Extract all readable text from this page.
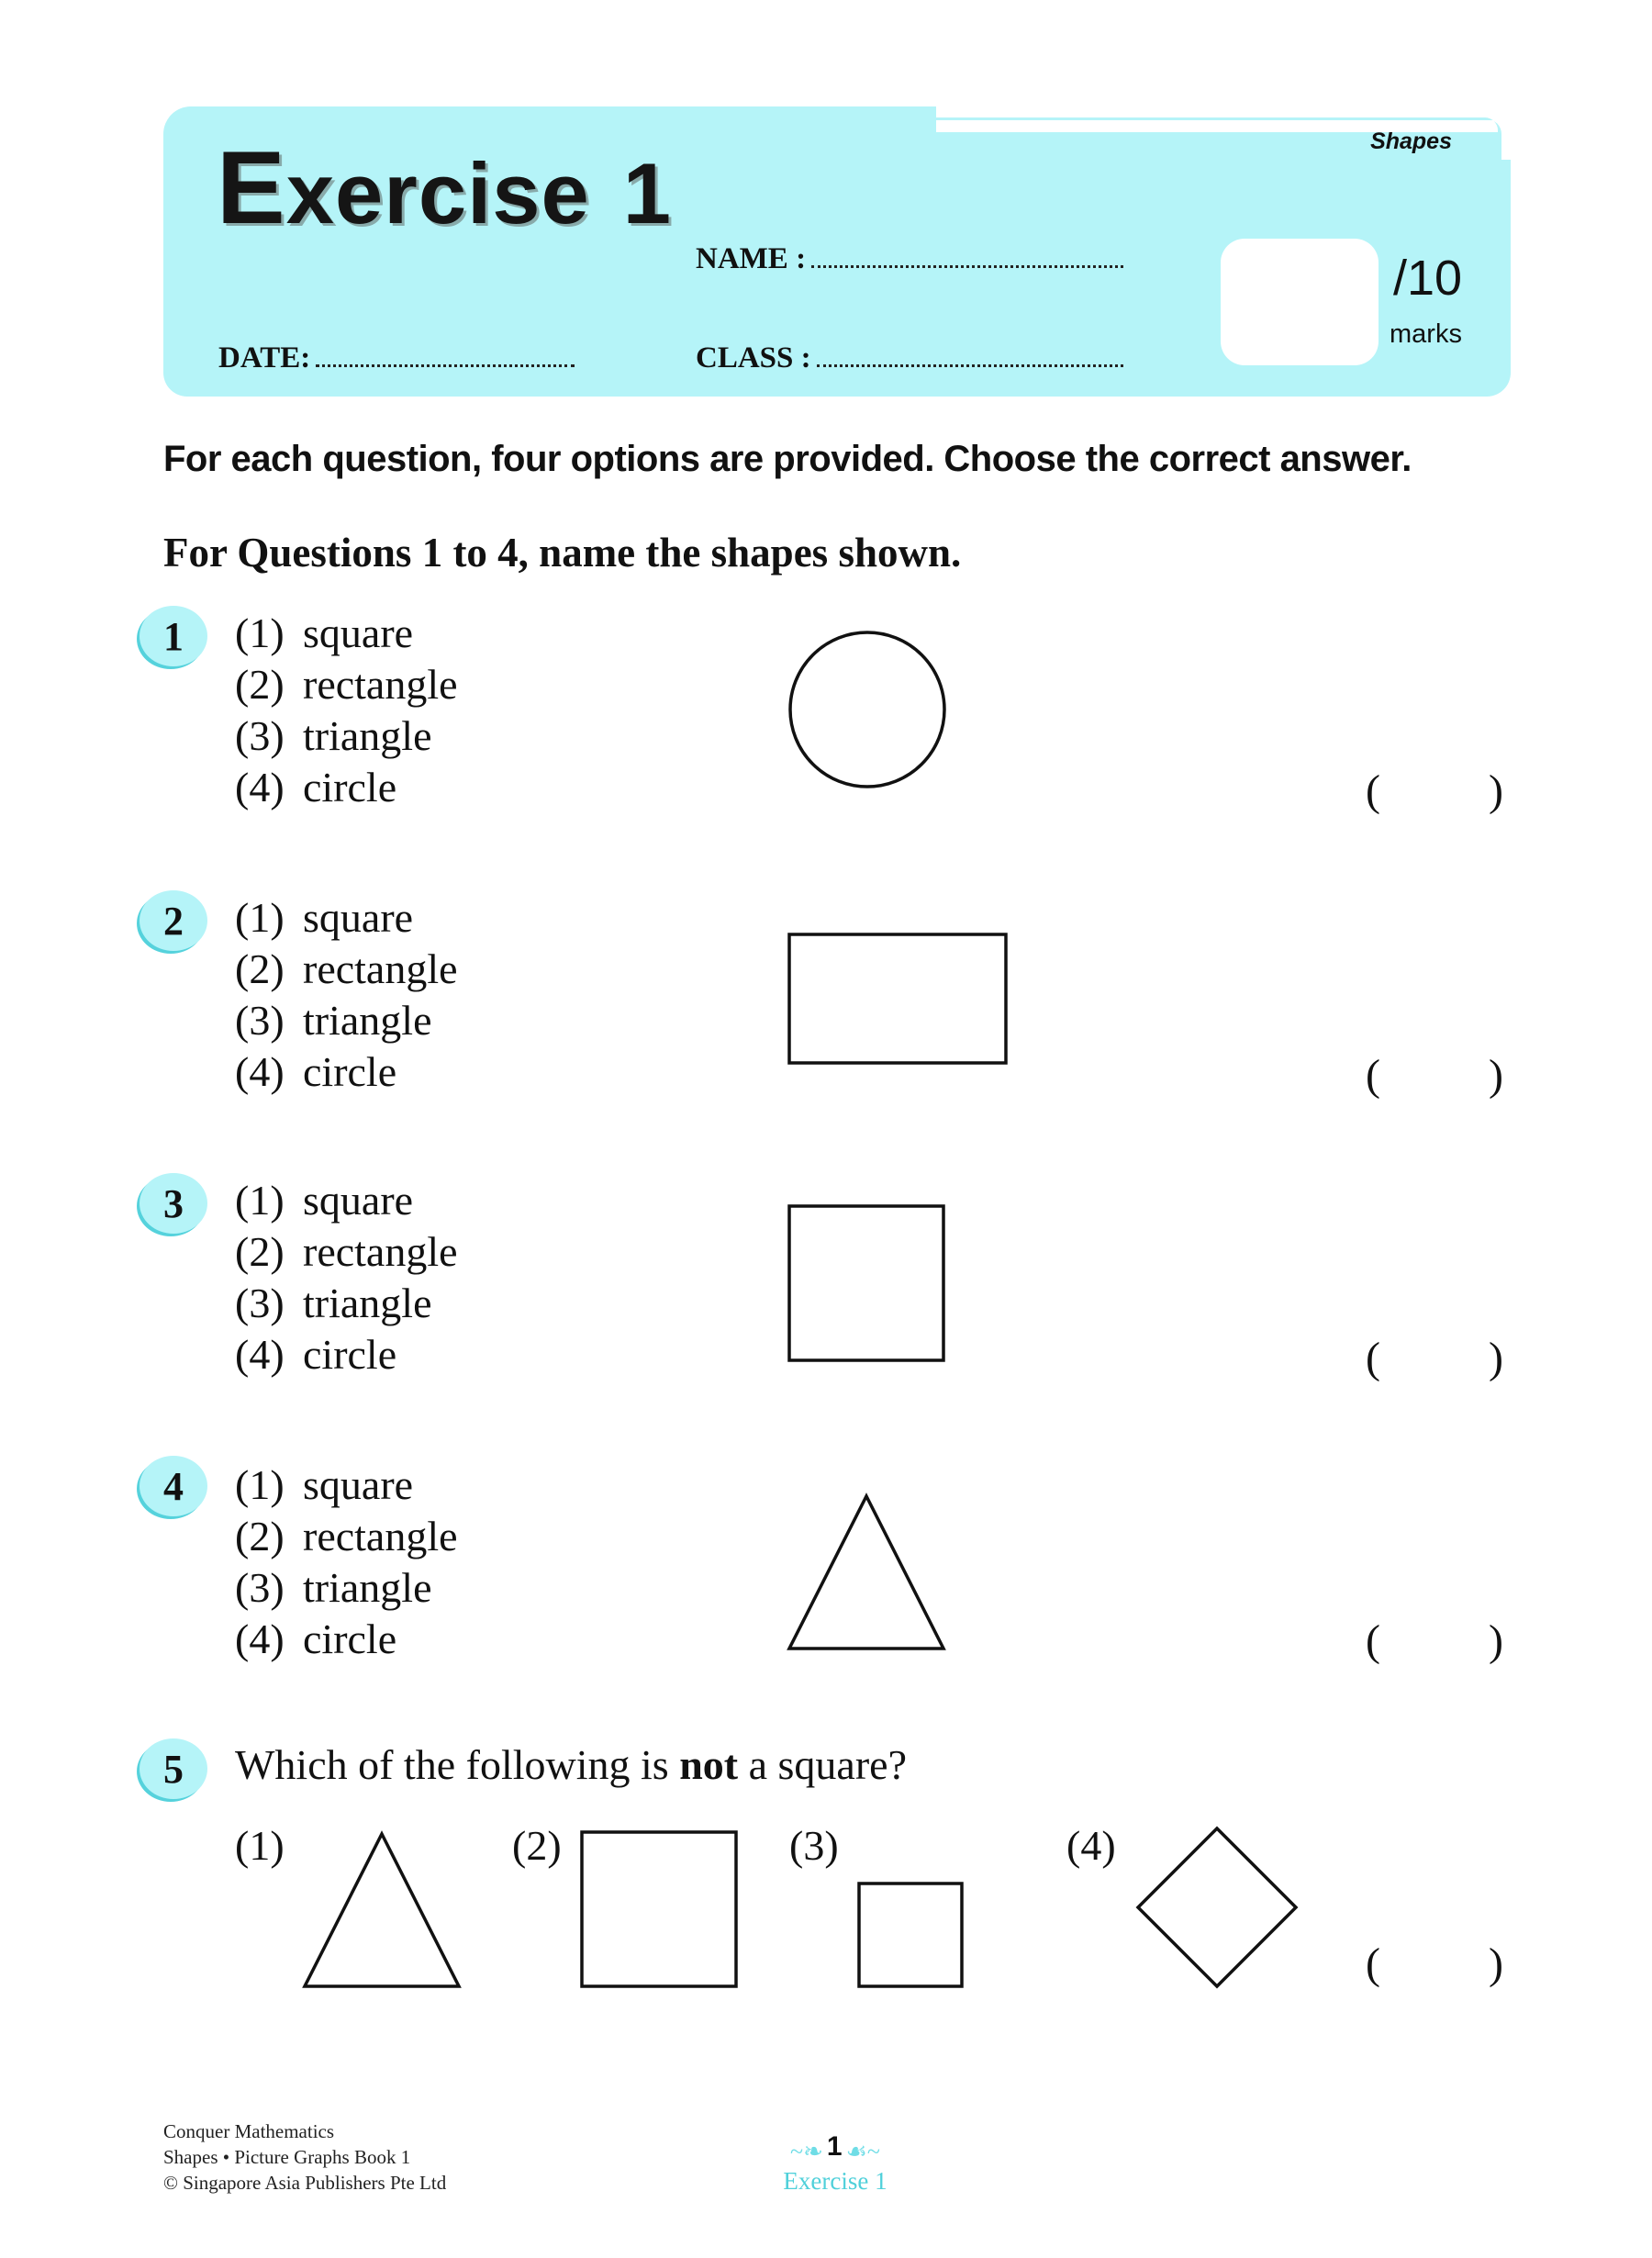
Shapes
Exercise 1
NAME :
DATE:	CLASS :
/10
marks
For each question, four options are provided. Choose the correct answer.
For Questions 1 to 4, name the shapes shown.
1	(1) square
(2) rectangle
(3) triangle
(4) circle	( )
2	(1) square
(2) rectangle
(3) triangle
(4) circle	( )
3	(1) square
(2) rectangle
(3) triangle
(4) circle	( )
4	(1) square
(2) rectangle
(3) triangle
(4) circle	( )
5	Which of the following is not a square?
(1)	(2)	(3)	(4)
( )
Conquer Mathematics
Shapes • Picture Graphs Book 1
© Singapore Asia Publishers Pte Ltd
~❧ 1 ☙~
Exercise 1
